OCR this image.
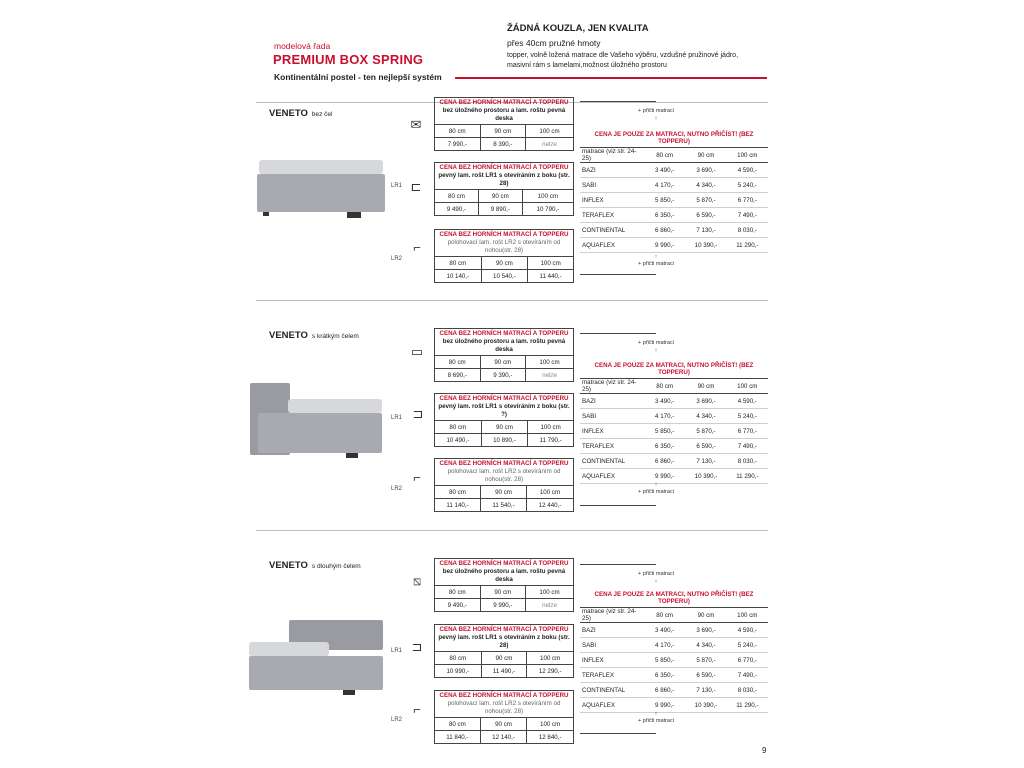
modelová řada
PREMIUM BOX SPRING
Kontinentální postel - ten nejlepší systém
ŽÁDNÁ KOUZLA, JEN KVALITA
přes 40cm pružné hmoty
topper, volně ložená matrace dle Vašeho výběru, vzdušné pružinové jádro,
masivní rám s lamelami,možnost úložného prostoru
VENETO bez čel
✉
LR1 ⊏
LR2
⌐
CENA BEZ HORNÍCH MATRACÍ A TOPPERU
bez úložného prostoru a lam. roštu pevná deska		
80 cm	90 cm	100 cm
7 990,-	8 390,-	nelze
CENA BEZ HORNÍCH MATRACÍ A TOPPERU
pevný lam. rošt LR1 s otevíráním z boku (str. 28)		
80 cm	90 cm	100 cm
9 490,-	9 890,-	10 790,-
CENA BEZ HORNÍCH MATRACÍ A TOPPERU
polohovací lam. rošt LR2 s otevíráním od nohou(str. 28)		
80 cm	90 cm	100 cm
10 140,-	10 540,-	11 440,-
+ přičti matraci
↓
CENA JE POUZE ZA MATRACI, NUTNO PŘIČÍST! (BEZ TOPPERU)
matrace (viz str. 24-25)	80 cm	90 cm	100 cm
BAZI	3 490,-	3 690,-	4 590,-
SABI	4 170,-	4 340,-	5 240,-
INFLEX	5 850,-	5 870,-	6 770,-
TERAFLEX	6 350,-	6 590,-	7 490,-
CONTINENTAL	6 860,-	7 130,-	8 030,-
AQUAFLEX	9 990,-	10 390,-	11 290,-
↑
+ přičti matraci
VENETO s krátkým čelem
▭
LR1 ⊐
LR2
⌐
CENA BEZ HORNÍCH MATRACÍ A TOPPERU
bez úložného prostoru a lam. roštu pevná deska		
80 cm	90 cm	100 cm
8 690,-	9 390,-	nelze
CENA BEZ HORNÍCH MATRACÍ A TOPPERU
pevný lam. rošt LR1 s otevíráním z boku (str. ?)		
80 cm	90 cm	100 cm
10 490,-	10 890,-	11 790,-
CENA BEZ HORNÍCH MATRACÍ A TOPPERU
polohovací lam. rošt LR2 s otevíráním od nohou(str. 28)		
80 cm	90 cm	100 cm
11 140,-	11 540,-	12 440,-
+ přičti matraci
↓
CENA JE POUZE ZA MATRACI, NUTNO PŘIČÍST! (BEZ TOPPERU)
matrace (viz str. 24-25)	80 cm	90 cm	100 cm
BAZI	3 490,-	3 690,-	4 590,-
SABI	4 170,-	4 340,-	5 240,-
INFLEX	5 850,-	5 870,-	6 770,-
TERAFLEX	6 350,-	6 590,-	7 490,-
CONTINENTAL	6 860,-	7 130,-	8 030,-
AQUAFLEX	9 990,-	10 390,-	11 290,-
↑
+ přičti matraci
VENETO s dlouhým čelem
⧅
LR1 ⊐
LR2
⌐
CENA BEZ HORNÍCH MATRACÍ A TOPPERU
bez úložného prostoru a lam. roštu pevná deska		
80 cm	90 cm	100 cm
9 490,-	9 990,-	nelze
CENA BEZ HORNÍCH MATRACÍ A TOPPERU
pevný lam. rošt LR1 s otevíráním z boku (str. 28)		
80 cm	90 cm	100 cm
10 990,-	11 490,-	12 290,-
CENA BEZ HORNÍCH MATRACÍ A TOPPERU
polohovací lam. rošt LR2 s otevíráním od nohou(str. 28)		
80 cm	90 cm	100 cm
11 840,-	12 140,-	12 840,-
+ přičti matraci
↓
CENA JE POUZE ZA MATRACI, NUTNO PŘIČÍST! (BEZ TOPPERU)
matrace (viz str. 24-25)	80 cm	90 cm	100 cm
BAZI	3 490,-	3 690,-	4 590,-
SABI	4 170,-	4 340,-	5 240,-
INFLEX	5 850,-	5 870,-	6 770,-
TERAFLEX	6 350,-	6 590,-	7 490,-
CONTINENTAL	6 860,-	7 130,-	8 030,-
AQUAFLEX	9 990,-	10 390,-	11 290,-
↑
+ přičti matraci
9
